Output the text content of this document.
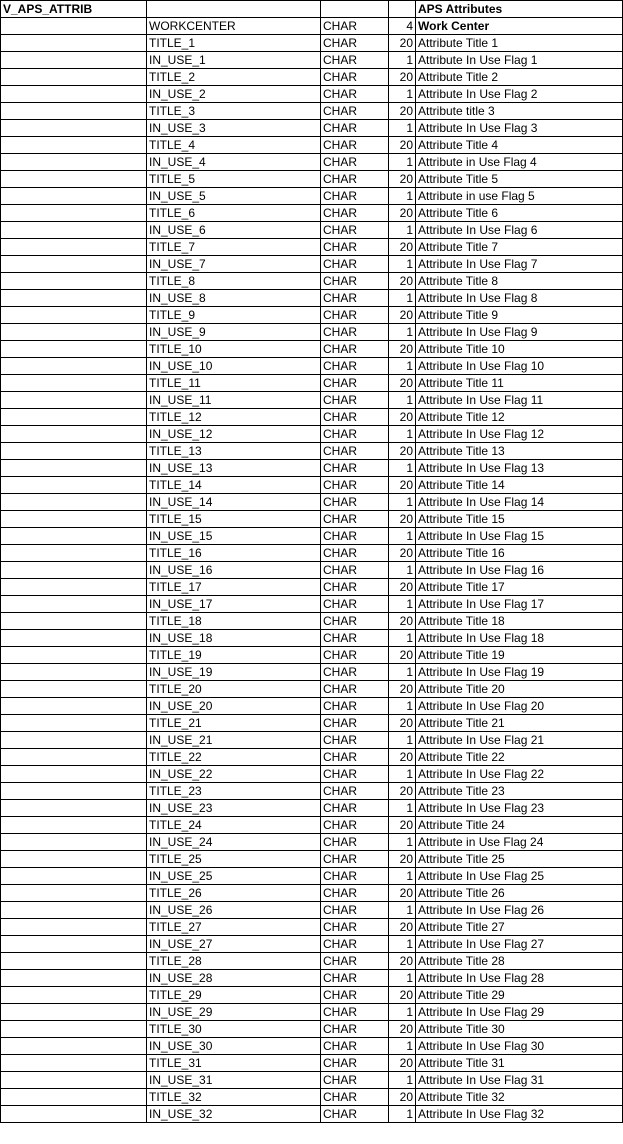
V_APS_ATTRIB				APS Attributes
	WORKCENTER	CHAR	4	Work Center
	TITLE_1	CHAR	20	Attribute Title 1
	IN_USE_1	CHAR	1	Attribute In Use Flag 1
	TITLE_2	CHAR	20	Attribute Title 2
	IN_USE_2	CHAR	1	Attribute In Use Flag 2
	TITLE_3	CHAR	20	Attribute title 3
	IN_USE_3	CHAR	1	Attribute In Use Flag 3
	TITLE_4	CHAR	20	Attribute Title 4
	IN_USE_4	CHAR	1	Attribute in Use Flag 4
	TITLE_5	CHAR	20	Attribute Title 5
	IN_USE_5	CHAR	1	Attribute in use Flag 5
	TITLE_6	CHAR	20	Attribute Title 6
	IN_USE_6	CHAR	1	Attribute In Use Flag 6
	TITLE_7	CHAR	20	Attribute Title 7
	IN_USE_7	CHAR	1	Attribute In Use Flag 7
	TITLE_8	CHAR	20	Attribute Title 8
	IN_USE_8	CHAR	1	Attribute In Use Flag 8
	TITLE_9	CHAR	20	Attribute Title 9
	IN_USE_9	CHAR	1	Attribute In Use Flag 9
	TITLE_10	CHAR	20	Attribute Title 10
	IN_USE_10	CHAR	1	Attribute In Use Flag 10
	TITLE_11	CHAR	20	Attribute Title 11
	IN_USE_11	CHAR	1	Attribute In Use Flag 11
	TITLE_12	CHAR	20	Attribute Title 12
	IN_USE_12	CHAR	1	Attribute In Use Flag 12
	TITLE_13	CHAR	20	Attribute Title 13
	IN_USE_13	CHAR	1	Attribute In Use Flag 13
	TITLE_14	CHAR	20	Attribute Title 14
	IN_USE_14	CHAR	1	Attribute In Use Flag 14
	TITLE_15	CHAR	20	Attribute Title 15
	IN_USE_15	CHAR	1	Attribute In Use Flag 15
	TITLE_16	CHAR	20	Attribute Title 16
	IN_USE_16	CHAR	1	Attribute In Use Flag 16
	TITLE_17	CHAR	20	Attribute Title 17
	IN_USE_17	CHAR	1	Attribute In Use Flag 17
	TITLE_18	CHAR	20	Attribute Title 18
	IN_USE_18	CHAR	1	Attribute In Use Flag 18
	TITLE_19	CHAR	20	Attribute Title 19
	IN_USE_19	CHAR	1	Attribute In Use Flag 19
	TITLE_20	CHAR	20	Attribute Title 20
	IN_USE_20	CHAR	1	Attribute In Use Flag 20
	TITLE_21	CHAR	20	Attribute Title 21
	IN_USE_21	CHAR	1	Attribute In Use Flag 21
	TITLE_22	CHAR	20	Attribute Title 22
	IN_USE_22	CHAR	1	Attribute In Use Flag 22
	TITLE_23	CHAR	20	Attribute Title 23
	IN_USE_23	CHAR	1	Attribute In Use Flag 23
	TITLE_24	CHAR	20	Attribute Title 24
	IN_USE_24	CHAR	1	Attribute in Use Flag 24
	TITLE_25	CHAR	20	Attribute Title 25
	IN_USE_25	CHAR	1	Attribute In Use Flag 25
	TITLE_26	CHAR	20	Attribute Title 26
	IN_USE_26	CHAR	1	Attribute In Use Flag 26
	TITLE_27	CHAR	20	Attribute Title 27
	IN_USE_27	CHAR	1	Attribute In Use Flag 27
	TITLE_28	CHAR	20	Attribute Title 28
	IN_USE_28	CHAR	1	Attribute In Use Flag 28
	TITLE_29	CHAR	20	Attribute Title 29
	IN_USE_29	CHAR	1	Attribute In Use Flag 29
	TITLE_30	CHAR	20	Attribute Title 30
	IN_USE_30	CHAR	1	Attribute In Use Flag 30
	TITLE_31	CHAR	20	Attribute Title 31
	IN_USE_31	CHAR	1	Attribute In Use Flag 31
	TITLE_32	CHAR	20	Attribute Title 32
	IN_USE_32	CHAR	1	Attribute In Use Flag 32
